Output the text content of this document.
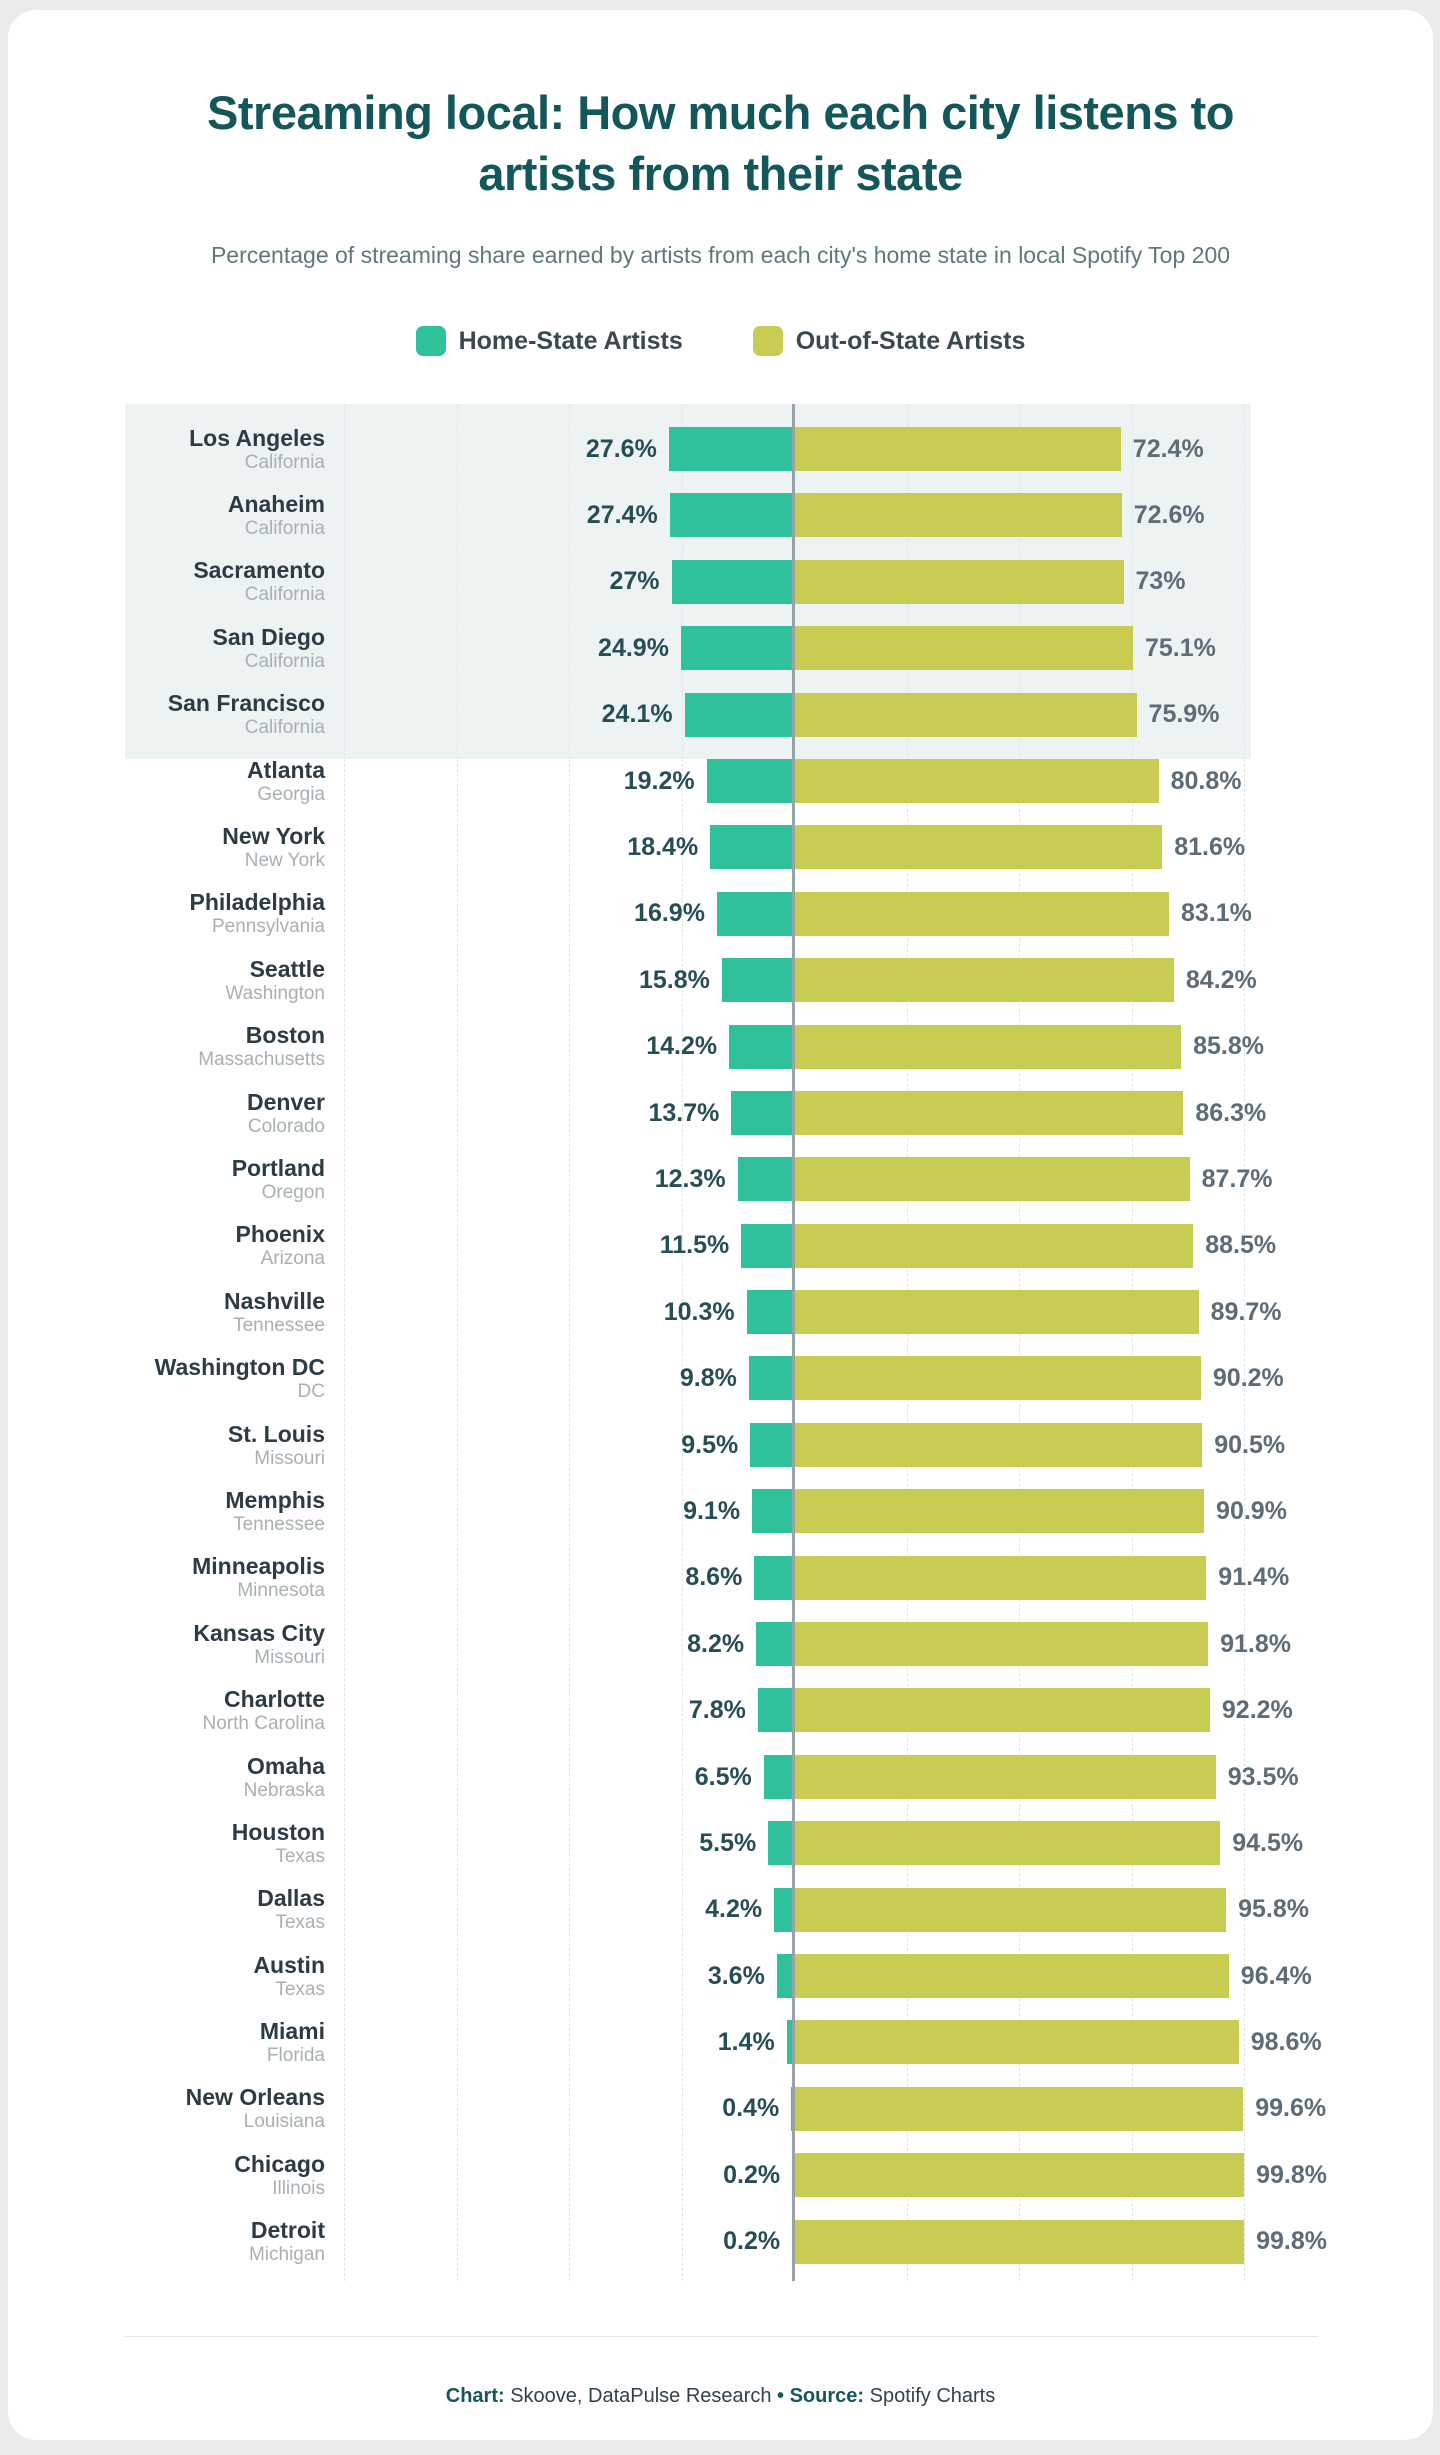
Streaming local: How much each city listens to
artists from their state
Percentage of streaming share earned by artists from each city's home state in local Spotify Top 200
Home-State Artists	Out-of-State Artists
Los Angeles
California	27.6%	72.4%
Anaheim
California	27.4%	72.6%
Sacramento
California	27%	73%
San Diego
California	24.9%	75.1%
San Francisco
California	24.1%	75.9%
Atlanta
Georgia	19.2%	80.8%
New York
New York	18.4%	81.6%
Philadelphia
Pennsylvania	16.9%	83.1%
Seattle
Washington	15.8%	84.2%
Boston
Massachusetts	14.2%	85.8%
Denver
Colorado	13.7%	86.3%
Portland
Oregon	12.3%	87.7%
Phoenix
Arizona	11.5%	88.5%
Nashville
Tennessee	10.3%	89.7%
Washington DC
DC	9.8%	90.2%
St. Louis
Missouri	9.5%	90.5%
Memphis
Tennessee	9.1%	90.9%
Minneapolis
Minnesota	8.6%	91.4%
Kansas City
Missouri	8.2%	91.8%
Charlotte
North Carolina	7.8%	92.2%
Omaha
Nebraska	6.5%	93.5%
Houston
Texas	5.5%	94.5%
Dallas
Texas	4.2%	95.8%
Austin
Texas	3.6%	96.4%
Miami
Florida	1.4%	98.6%
New Orleans
Louisiana	0.4%	99.6%
Chicago
Illinois	0.2%	99.8%
Detroit
Michigan	0.2%	99.8%
Chart: Skoove, DataPulse Research • Source: Spotify Charts
